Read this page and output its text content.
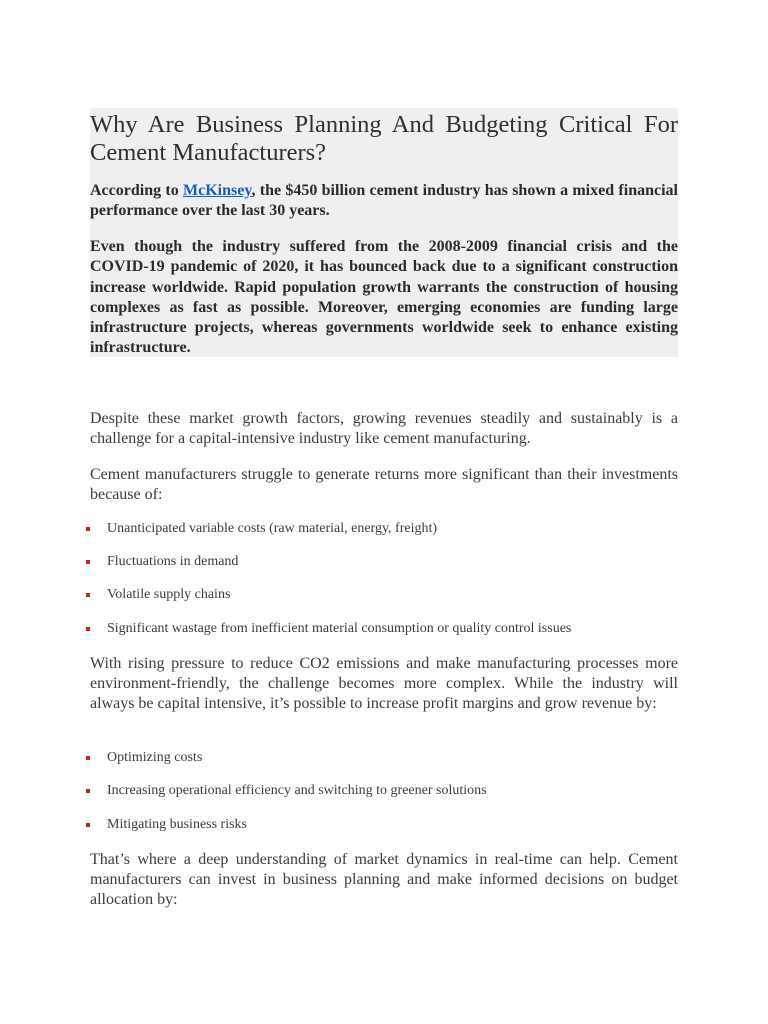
Why Are Business Planning And Budgeting Critical For Cement Manufacturers?

According to McKinsey, the $450 billion cement industry has shown a mixed financial performance over the last 30 years.

Even though the industry suffered from the 2008-2009 financial crisis and the COVID-19 pandemic of 2020, it has bounced back due to a significant construction increase worldwide. Rapid population growth warrants the construction of housing complexes as fast as possible. Moreover, emerging economies are funding large infrastructure projects, whereas governments worldwide seek to enhance existing infrastructure.

Despite these market growth factors, growing revenues steadily and sustainably is a challenge for a capital-intensive industry like cement manufacturing.

Cement manufacturers struggle to generate returns more significant than their investments because of:

Unanticipated variable costs (raw material, energy, freight)
Fluctuations in demand
Volatile supply chains
Significant wastage from inefficient material consumption or quality control issues

With rising pressure to reduce CO2 emissions and make manufacturing processes more environment-friendly, the challenge becomes more complex. While the industry will always be capital intensive, it’s possible to increase profit margins and grow revenue by:

Optimizing costs
Increasing operational efficiency and switching to greener solutions
Mitigating business risks

That’s where a deep understanding of market dynamics in real-time can help. Cement manufacturers can invest in business planning and make informed decisions on budget allocation by:
